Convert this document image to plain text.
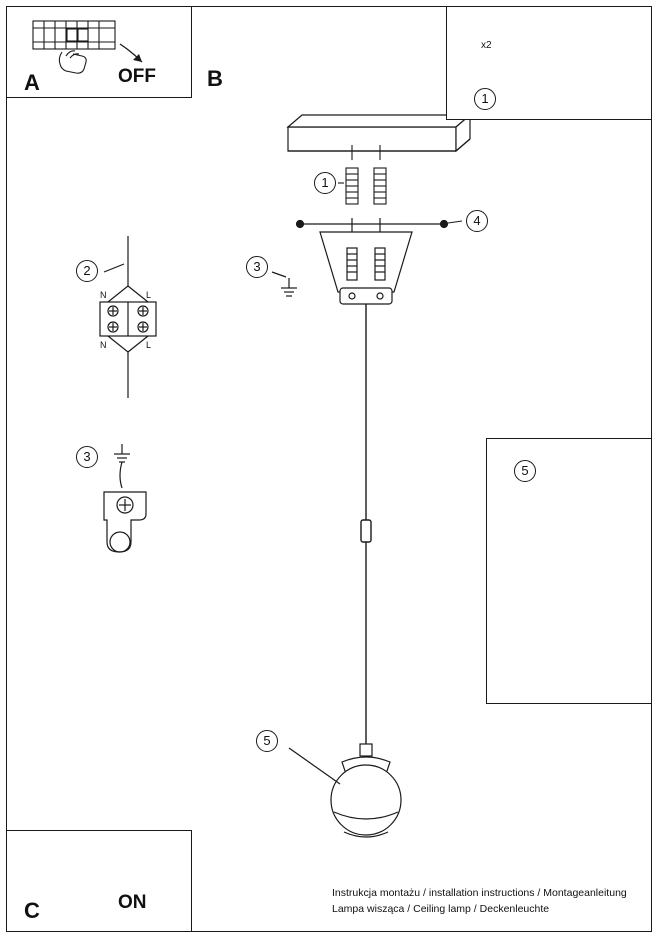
A	OFF B
1
x2
1
4
3
2
N	L
N	L
3
5
5
C	ON	Instrukcja montażu / installation instructions / Montageanleitung
Lampa wisząca / Ceiling lamp / Deckenleuchte
